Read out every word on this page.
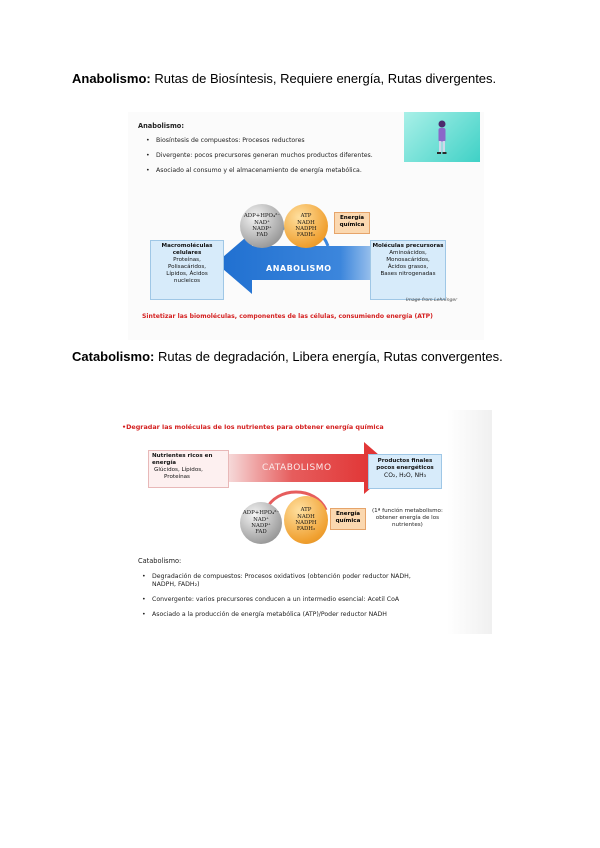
Anabolismo: Rutas de Biosíntesis, Requiere energía, Rutas divergentes.
Anabolismo:
• Biosíntesis de compuestos: Procesos reductores
• Divergente: pocos precursores generan muchos productos diferentes.
• Asociado al consumo y el almacenamiento de energía metabólica.
ANABOLISMO
ADP+HPO₄²⁻
NAD⁺
NADP⁺
FAD
ATP
NADH
NADPH
FADH₂
Energía química
Macromoléculas celulares
Proteínas,
Polisacáridos,
Lípidos, Ácidos
nucleicos
Moléculas precursoras
Aminoácidos,
Monosacáridos,
Ácidos grasos,
Bases nitrogenadas
Image from Lehninger
Sintetizar las biomoléculas, componentes de las células, consumiendo energía (ATP)
Catabolismo: Rutas de degradación, Libera energía, Rutas convergentes.
•Degradar las moléculas de los nutrientes para obtener energía química
CATABOLISMO
Nutrientes ricos en energía
Glúcidos, Lípidos,
Proteínas
Productos finales pocos energéticos
CO₂, H₂O, NH₃
ADP+HPO₄²⁻
NAD⁺
NADP⁺
FAD
ATP
NADH
NADPH
FADH₂
Energía química
(1ª función metabolismo:
obtener energía de los
nutrientes)
Catabolismo:
• Degradación de compuestos: Procesos oxidativos (obtención poder reductor NADH,
NADPH, FADH₂)
• Convergente: varios precursores conducen a un intermedio esencial: Acetil CoA
• Asociado a la producción de energía metabólica (ATP)/Poder reductor NADH
